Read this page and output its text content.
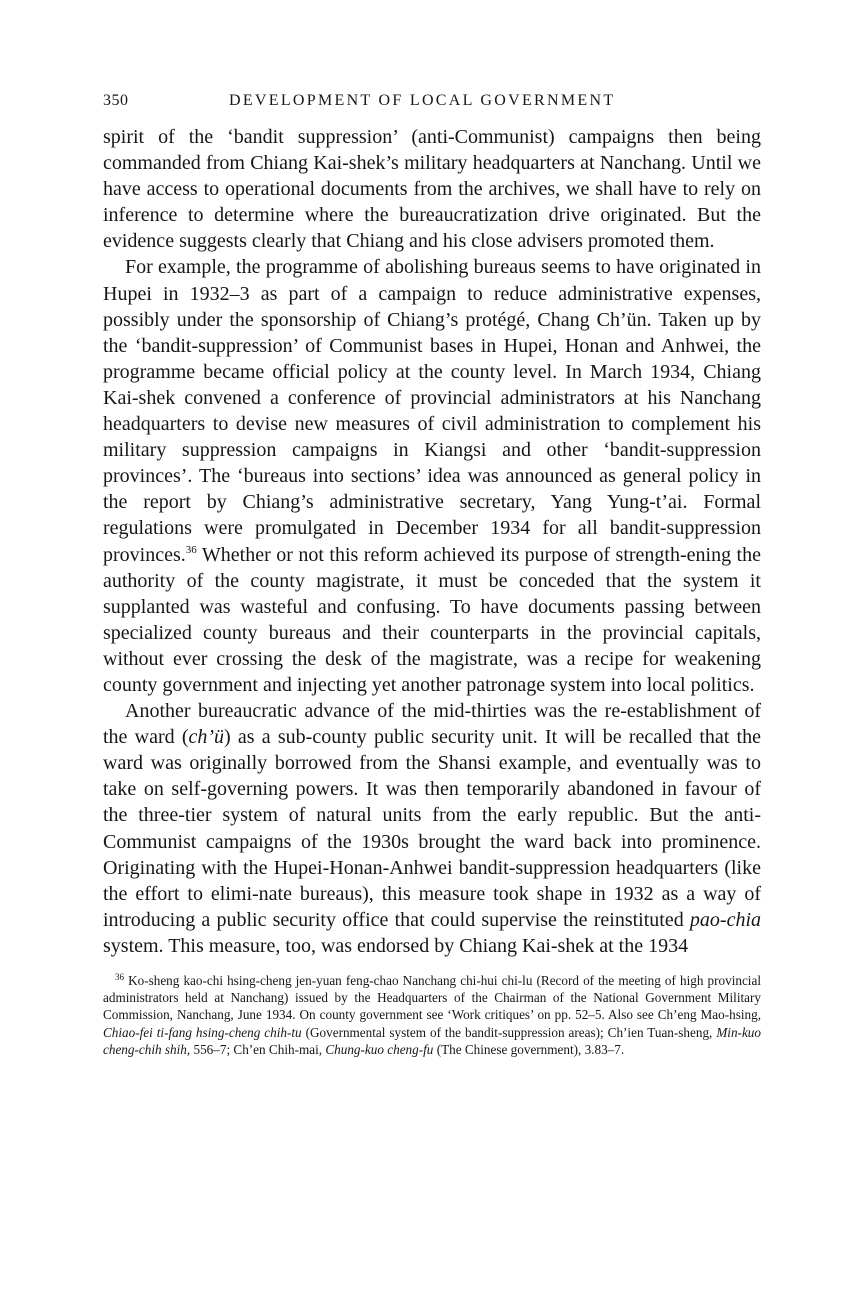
350	DEVELOPMENT OF LOCAL GOVERNMENT

spirit of the ‘bandit suppression’ (anti-Communist) campaigns then being commanded from Chiang Kai-shek’s military headquarters at Nanchang. Until we have access to operational documents from the archives, we shall have to rely on inference to determine where the bureaucratization drive originated. But the evidence suggests clearly that Chiang and his close advisers promoted them.

For example, the programme of abolishing bureaus seems to have originated in Hupei in 1932–3 as part of a campaign to reduce administrative expenses, possibly under the sponsorship of Chiang’s protégé, Chang Ch’ün. Taken up by the ‘bandit-suppression’ of Communist bases in Hupei, Honan and Anhwei, the programme became official policy at the county level. In March 1934, Chiang Kai-shek convened a conference of provincial administrators at his Nanchang headquarters to devise new measures of civil administration to complement his military suppression campaigns in Kiangsi and other ‘bandit-suppression provinces’. The ‘bureaus into sections’ idea was announced as general policy in the report by Chiang’s administrative secretary, Yang Yung-t’ai. Formal regulations were promulgated in December 1934 for all bandit-suppression provinces.$^{36}$ Whether or not this reform achieved its purpose of strength-ening the authority of the county magistrate, it must be conceded that the system it supplanted was wasteful and confusing. To have documents passing between specialized county bureaus and their counterparts in the provincial capitals, without ever crossing the desk of the magistrate, was a recipe for weakening county government and injecting yet another patronage system into local politics.

Another bureaucratic advance of the mid-thirties was the re-establishment of the ward (ch’ü) as a sub-county public security unit. It will be recalled that the ward was originally borrowed from the Shansi example, and eventually was to take on self-governing powers. It was then temporarily abandoned in favour of the three-tier system of natural units from the early republic. But the anti-Communist campaigns of the 1930s brought the ward back into prominence. Originating with the Hupei-Honan-Anhwei bandit-suppression headquarters (like the effort to elimi-nate bureaus), this measure took shape in 1932 as a way of introducing a public security office that could supervise the reinstituted pao-chia system. This measure, too, was endorsed by Chiang Kai-shek at the 1934

$^{36}$ Ko-sheng kao-chi hsing-cheng jen-yuan feng-chao Nanchang chi-hui chi-lu (Record of the meeting of high provincial administrators held at Nanchang) issued by the Headquarters of the Chairman of the National Government Military Commission, Nanchang, June 1934. On county government see ‘Work critiques’ on pp. 52–5. Also see Ch’eng Mao-hsing, Chiao-fei ti-fang hsing-cheng chih-tu (Governmental system of the bandit-suppression areas); Ch’ien Tuan-sheng, Min-kuo cheng-chih shih, 556–7; Ch’en Chih-mai, Chung-kuo cheng-fu (The Chinese government), 3.83–7.
